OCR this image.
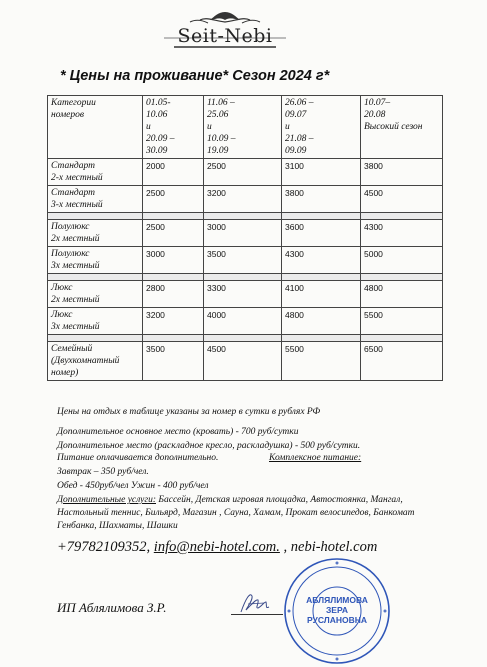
Seit-Nebi
* Цены на проживание* Сезон 2024 г*
Категории
номеров	01.05-
10.06
и
20.09 –
30.09	11.06 –
25.06
и
10.09 –
19.09	26.06 –
09.07
и
21.08 –
09.09	10.07–
20.08
Высокий сезон

Стандарт
2-х местный	2000	2500	3100	3800

Стандарт
3-х местный	2500	3200	3800	4500

Полулюкс
2х местный	2500	3000	3600	4300

Полулюкс
3х местный	3000	3500	4300	5000

Люкс
2х местный	2800	3300	4100	4800

Люкс
3х местный	3200	4000	4800	5500

Семейный
(Двухкомнатный
номер)	3500	4500	5500	6500
Цены на отдых в таблице указаны за номер в сутки в рублях РФ
Дополнительное основное место (кровать) - 700 руб/сутки
Дополнительное место (раскладное кресло, раскладушка) - 500 руб/сутки.
Питание оплачивается дополнительно.	Комплексное питание:
Завтрак – 350 руб/чел.
Обед - 450руб/чел Ужин - 400 руб/чел
Дополнительные услуги: Бассейн, Детская игровая площадка, Автостоянка, Мангал,
Настольный теннис, Бильярд, Магазин , Сауна, Хамам, Прокат велосипедов, Банкомат
Генбанка, Шахматы, Шашки
+79782109352, info@nebi-hotel.com. , nebi-hotel.com
ИП Аблялимова З.Р.	АБЛЯЛИМОВА
ЗЕРА
РУСЛАНОВНА
